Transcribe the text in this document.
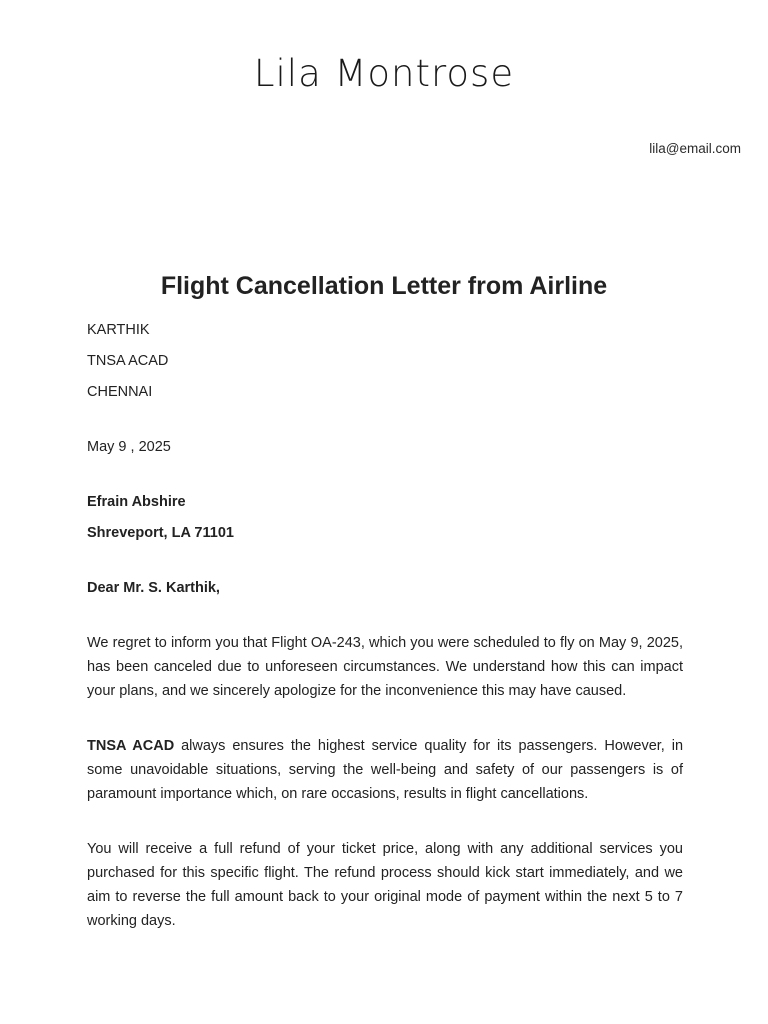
Lila Montrose
lila@email.com
Flight Cancellation Letter from Airline

KARTHIK

TNSA ACAD

CHENNAI

May 9 , 2025

Efrain Abshire

Shreveport, LA 71101

Dear Mr. S. Karthik,

We regret to inform you that Flight OA-243, which you were scheduled to fly on May 9, 2025, has been canceled due to unforeseen circumstances. We understand how this can impact your plans, and we sincerely apologize for the inconvenience this may have caused.

TNSA ACAD always ensures the highest service quality for its passengers. However, in some unavoidable situations, serving the well-being and safety of our passengers is of paramount importance which, on rare occasions, results in flight cancellations.

You will receive a full refund of your ticket price, along with any additional services you purchased for this specific flight. The refund process should kick start immediately, and we aim to reverse the full amount back to your original mode of payment within the next 5 to 7 working days.
